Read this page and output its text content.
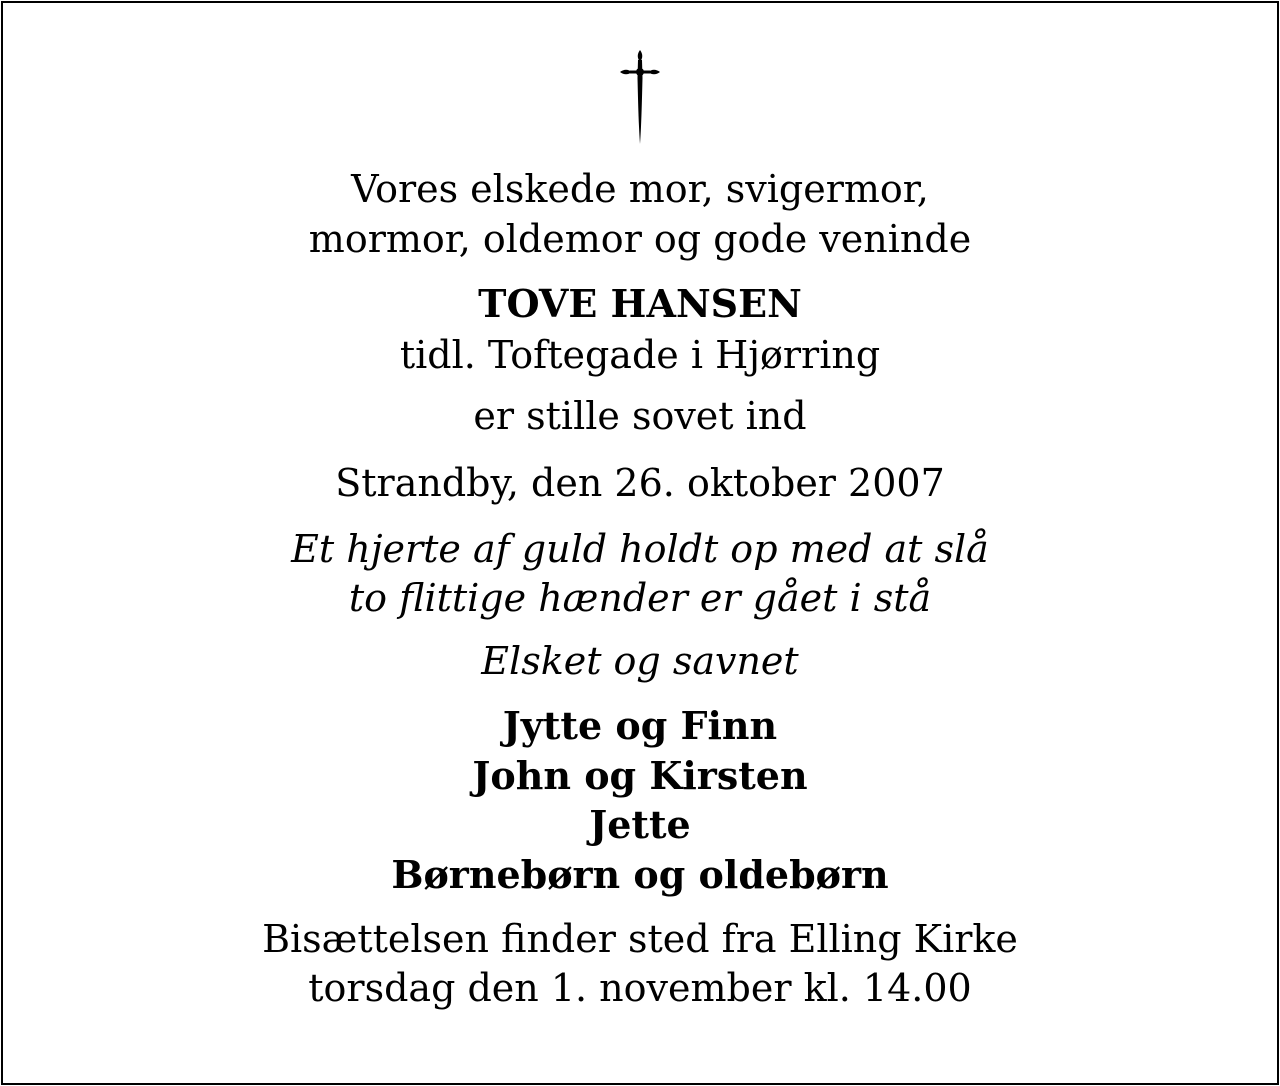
Vores elskede mor, svigermor,
mormor, oldemor og gode veninde
TOVE HANSEN
tidl. Toftegade i Hjørring
er stille sovet ind
Strandby, den 26. oktober 2007
Et hjerte af guld holdt op med at slå
to flittige hænder er gået i stå
Elsket og savnet
Jytte og Finn
John og Kirsten
Jette
Børnebørn og oldebørn
Bisættelsen finder sted fra Elling Kirke
torsdag den 1. november kl. 14.00
